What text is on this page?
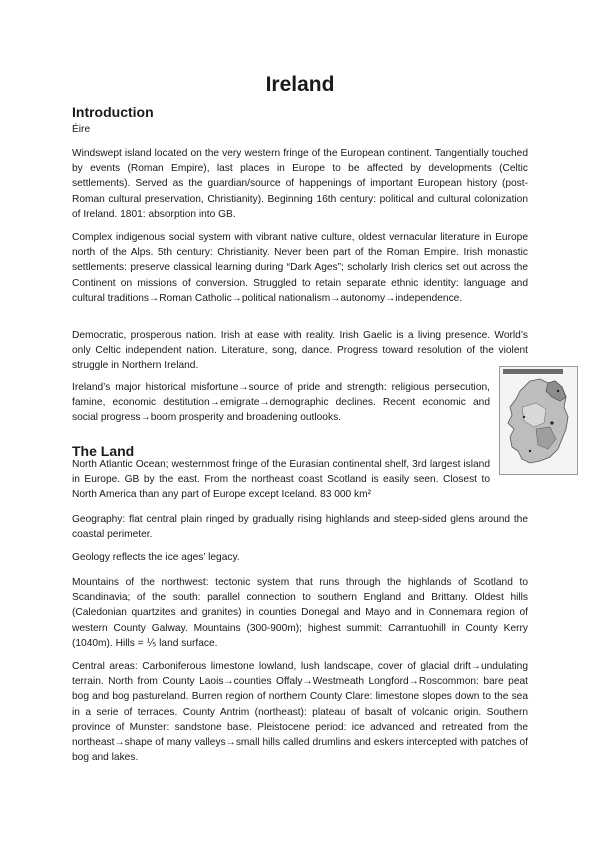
Ireland
Introduction
Éire

Windswept island located on the very western fringe of the European continent. Tangentially touched by events (Roman Empire), last places in Europe to be affected by developments (Celtic settlements). Served as the guardian/source of happenings of important European history (post-Roman cultural preservation, Christianity). Beginning 16th century: political and cultural colonization of Ireland. 1801: absorption into GB.

Complex indigenous social system with vibrant native culture, oldest vernacular literature in Europe north of the Alps. 5th century: Christianity. Never been part of the Roman Empire. Irish monastic settlements: preserve classical learning during “Dark Ages”; scholarly Irish clerics set out across the Continent on missions of conversion. Struggled to retain separate ethnic identity: language and cultural traditions→Roman Catholic→political nationalism→autonomy→independence.

Democratic, prosperous nation. Irish at ease with reality. Irish Gaelic is a living presence. World’s only Celtic independent nation. Literature, song, dance. Progress toward resolution of the violent struggle in Northern Ireland.

Ireland’s major historical misfortune→source of pride and strength: religious persecution, famine, economic destitution→emigrate→demographic declines. Recent economic and social progress→boom prosperity and broadening outlooks.

The Land

North Atlantic Ocean; westernmost fringe of the Eurasian continental shelf, 3rd largest island in Europe. GB by the east. From the northeast coast Scotland is easily seen. Closest to North America than any part of Europe except Iceland. 83 000 km²

Geography: flat central plain ringed by gradually rising highlands and steep-sided glens around the coastal perimeter.

Geology reflects the ice ages’ legacy.

Mountains of the northwest: tectonic system that runs through the highlands of Scotland to Scandinavia; of the south: parallel connection to southern England and Brittany. Oldest hills (Caledonian quartzites and granites) in counties Donegal and Mayo and in Connemara region of western County Galway. Mountains (300-900m); highest summit: Carrantuohill in County Kerry (1040m). Hills = ⅕ land surface.

Central areas: Carboniferous limestone lowland, lush landscape, cover of glacial drift→undulating terrain. North from County Laois→counties Offaly→Westmeath Longford→Roscommon: bare peat bog and bog pastureland. Burren region of northern County Clare: limestone slopes down to the sea in a serie of terraces. County Antrim (northeast): plateau of basalt of volcanic origin. Southern province of Munster: sandstone base. Pleistocene period: ice advanced and retreated from the northeast→shape of many valleys→small hills called drumlins and eskers intercepted with patches of bog and lakes.
